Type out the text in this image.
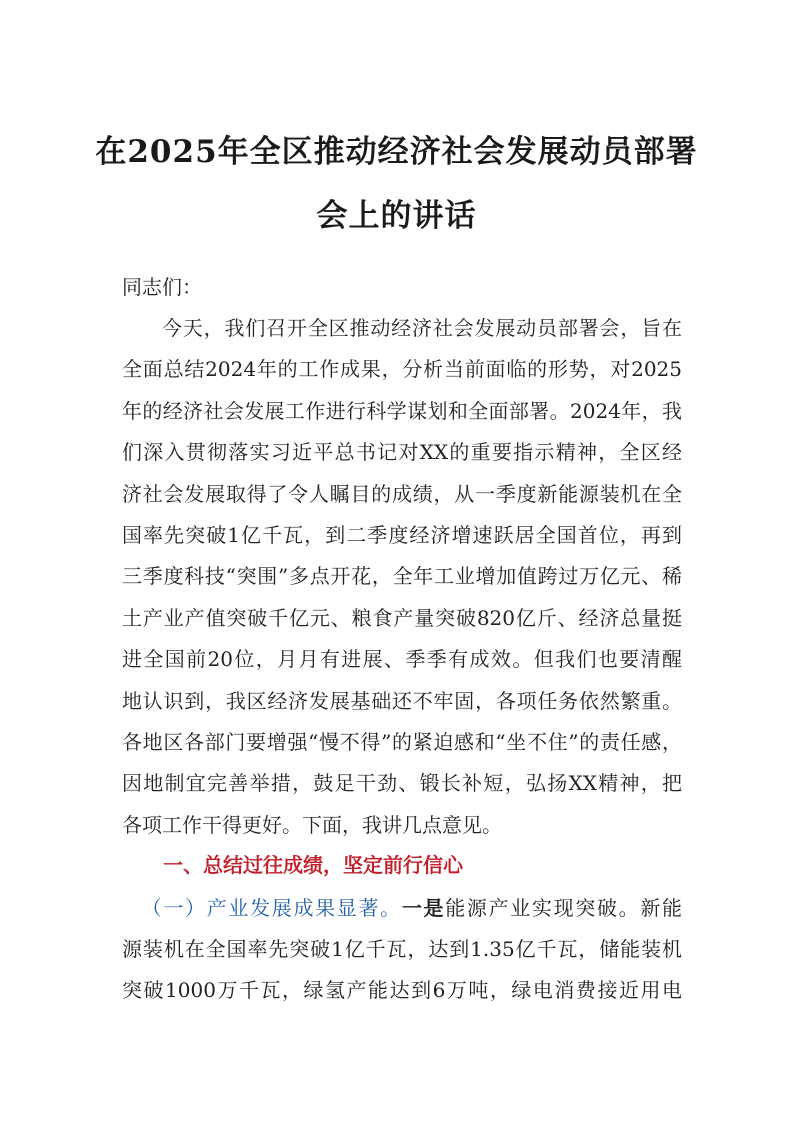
在2025年全区推动经济社会发展动员部署
会上的讲话
同志们：
今天，我们召开全区推动经济社会发展动员部署会，旨在
全面总结2024年的工作成果，分析当前面临的形势，对2025
年的经济社会发展工作进行科学谋划和全面部署。2024年，我
们深入贯彻落实习近平总书记对XX的重要指示精神，全区经
济社会发展取得了令人瞩目的成绩，从一季度新能源装机在全
国率先突破1亿千瓦，到二季度经济增速跃居全国首位，再到
三季度科技“突围”多点开花，全年工业增加值跨过万亿元、稀
土产业产值突破千亿元、粮食产量突破820亿斤、经济总量挺
进全国前20位，月月有进展、季季有成效。但我们也要清醒
地认识到，我区经济发展基础还不牢固，各项任务依然繁重。
各地区各部门要增强“慢不得”的紧迫感和“坐不住”的责任感，
因地制宜完善举措，鼓足干劲、锻长补短，弘扬XX精神，把
各项工作干得更好。下面，我讲几点意见。
一、总结过往成绩，坚定前行信心
（一）产业发展成果显著。一是能源产业实现突破。新能
源装机在全国率先突破1亿千瓦，达到1.35亿千瓦，储能装机
突破1000万千瓦，绿氢产能达到6万吨，绿电消费接近用电
